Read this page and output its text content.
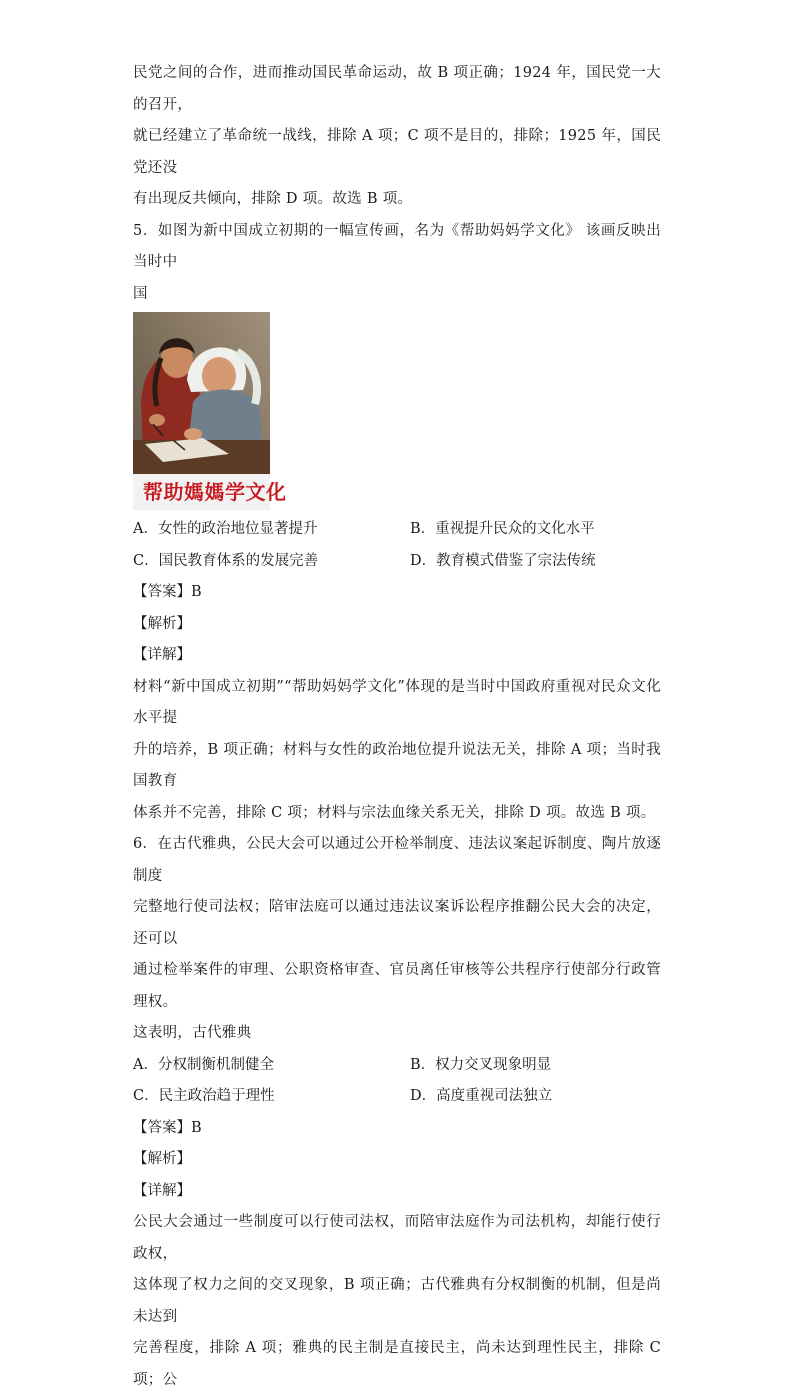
民党之间的合作，进而推动国民革命运动，故 B 项正确；1924 年，国民党一大的召开，

就已经建立了革命统一战线，排除 A 项；C 项不是目的，排除；1925 年，国民党还没

有出现反共倾向，排除 D 项。故选 B 项。

5．如图为新中国成立初期的一幅宣传画，名为《帮助妈妈学文化》 该画反映出当时中

国

帮助媽媽学文化
A．女性的政治地位显著提升	B．重视提升民众的文化水平
C．国民教育体系的发展完善	D．教育模式借鉴了宗法传统

【答案】B

【解析】

【详解】

材料“新中国成立初期”“帮助妈妈学文化”体现的是当时中国政府重视对民众文化水平提

升的培养，B 项正确；材料与女性的政治地位提升说法无关，排除 A 项；当时我国教育

体系并不完善，排除 C 项；材料与宗法血缘关系无关，排除 D 项。故选 B 项。

6．在古代雅典，公民大会可以通过公开检举制度、违法议案起诉制度、陶片放逐制度

完整地行使司法权；陪审法庭可以通过违法议案诉讼程序推翻公民大会的决定，还可以

通过检举案件的审理、公职资格审查、官员离任审核等公共程序行使部分行政管理权。

这表明，古代雅典

A．分权制衡机制健全	B．权力交叉现象明显
C．民主政治趋于理性	D．高度重视司法独立

【答案】B

【解析】

【详解】

公民大会通过一些制度可以行使司法权，而陪审法庭作为司法机构，却能行使行政权，

这体现了权力之间的交叉现象，B 项正确；古代雅典有分权制衡的机制，但是尚未达到

完善程度，排除 A 项；雅典的民主制是直接民主，尚未达到理性民主，排除 C 项；公
